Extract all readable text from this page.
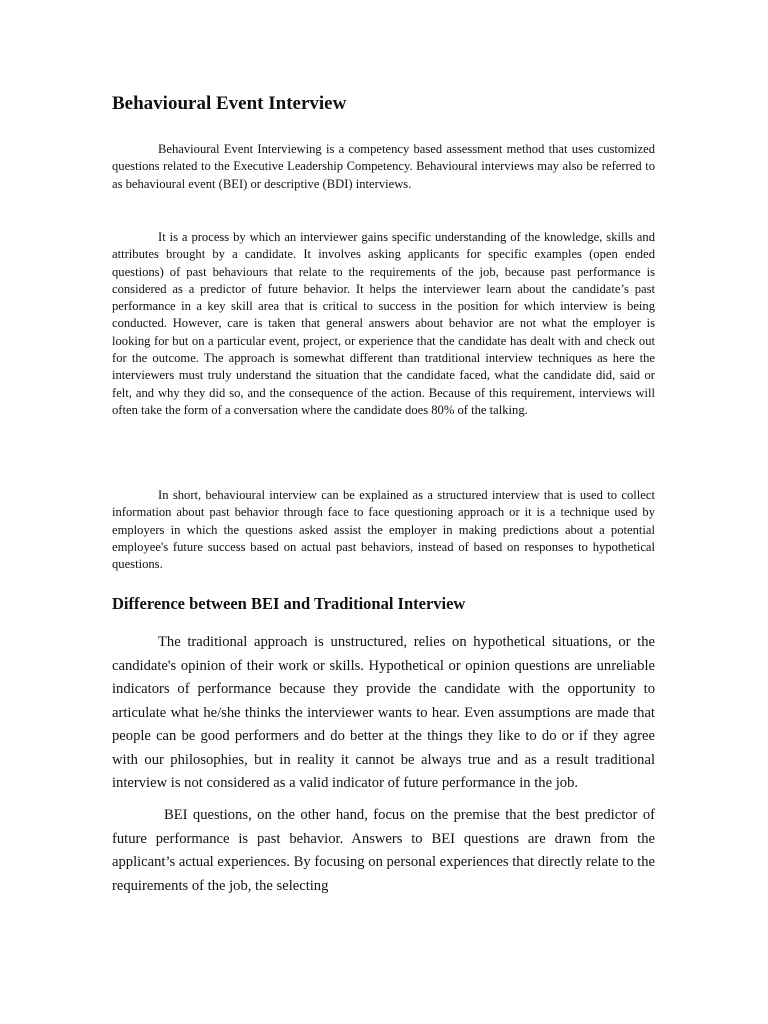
Behavioural Event Interview

Behavioural Event Interviewing is a competency based assessment method that uses customized questions related to the Executive Leadership Competency. Behavioural interviews may also be referred to as behavioural event (BEI) or descriptive (BDI) interviews.

It is a process by which an interviewer gains specific understanding of the knowledge, skills and attributes brought by a candidate. It involves asking applicants for specific examples (open ended questions) of past behaviours that relate to the requirements of the job, because past performance is considered as a predictor of future behavior. It helps the interviewer learn about the candidate’s past performance in a key skill area that is critical to success in the position for which interview is being conducted. However, care is taken that general answers about behavior are not what the employer is looking for but on a particular event, project, or experience that the candidate has dealt with and check out for the outcome. The approach is somewhat different than tratditional interview techniques as here the interviewers must truly understand the situation that the candidate faced, what the candidate did, said or felt, and why they did so, and the consequence of the action. Because of this requirement, interviews will often take the form of a conversation where the candidate does 80% of the talking.

In short, behavioural interview can be explained as a structured interview that is used to collect information about past behavior through face to face questioning approach or it is a technique used by employers in which the questions asked assist the employer in making predictions about a potential employee's future success based on actual past behaviors, instead of based on responses to hypothetical questions.

Difference between BEI and Traditional Interview

The traditional approach is unstructured, relies on hypothetical situations, or the candidate's opinion of their work or skills. Hypothetical or opinion questions are unreliable indicators of performance because they provide the candidate with the opportunity to articulate what he/she thinks the interviewer wants to hear. Even assumptions are made that people can be good performers and do better at the things they like to do or if they agree with our philosophies, but in reality it cannot be always true and as a result traditional interview is not considered as a valid indicator of future performance in the job.

BEI questions, on the other hand, focus on the premise that the best predictor of future performance is past behavior. Answers to BEI questions are drawn from the applicant’s actual experiences. By focusing on personal experiences that directly relate to the requirements of the job, the selecting
